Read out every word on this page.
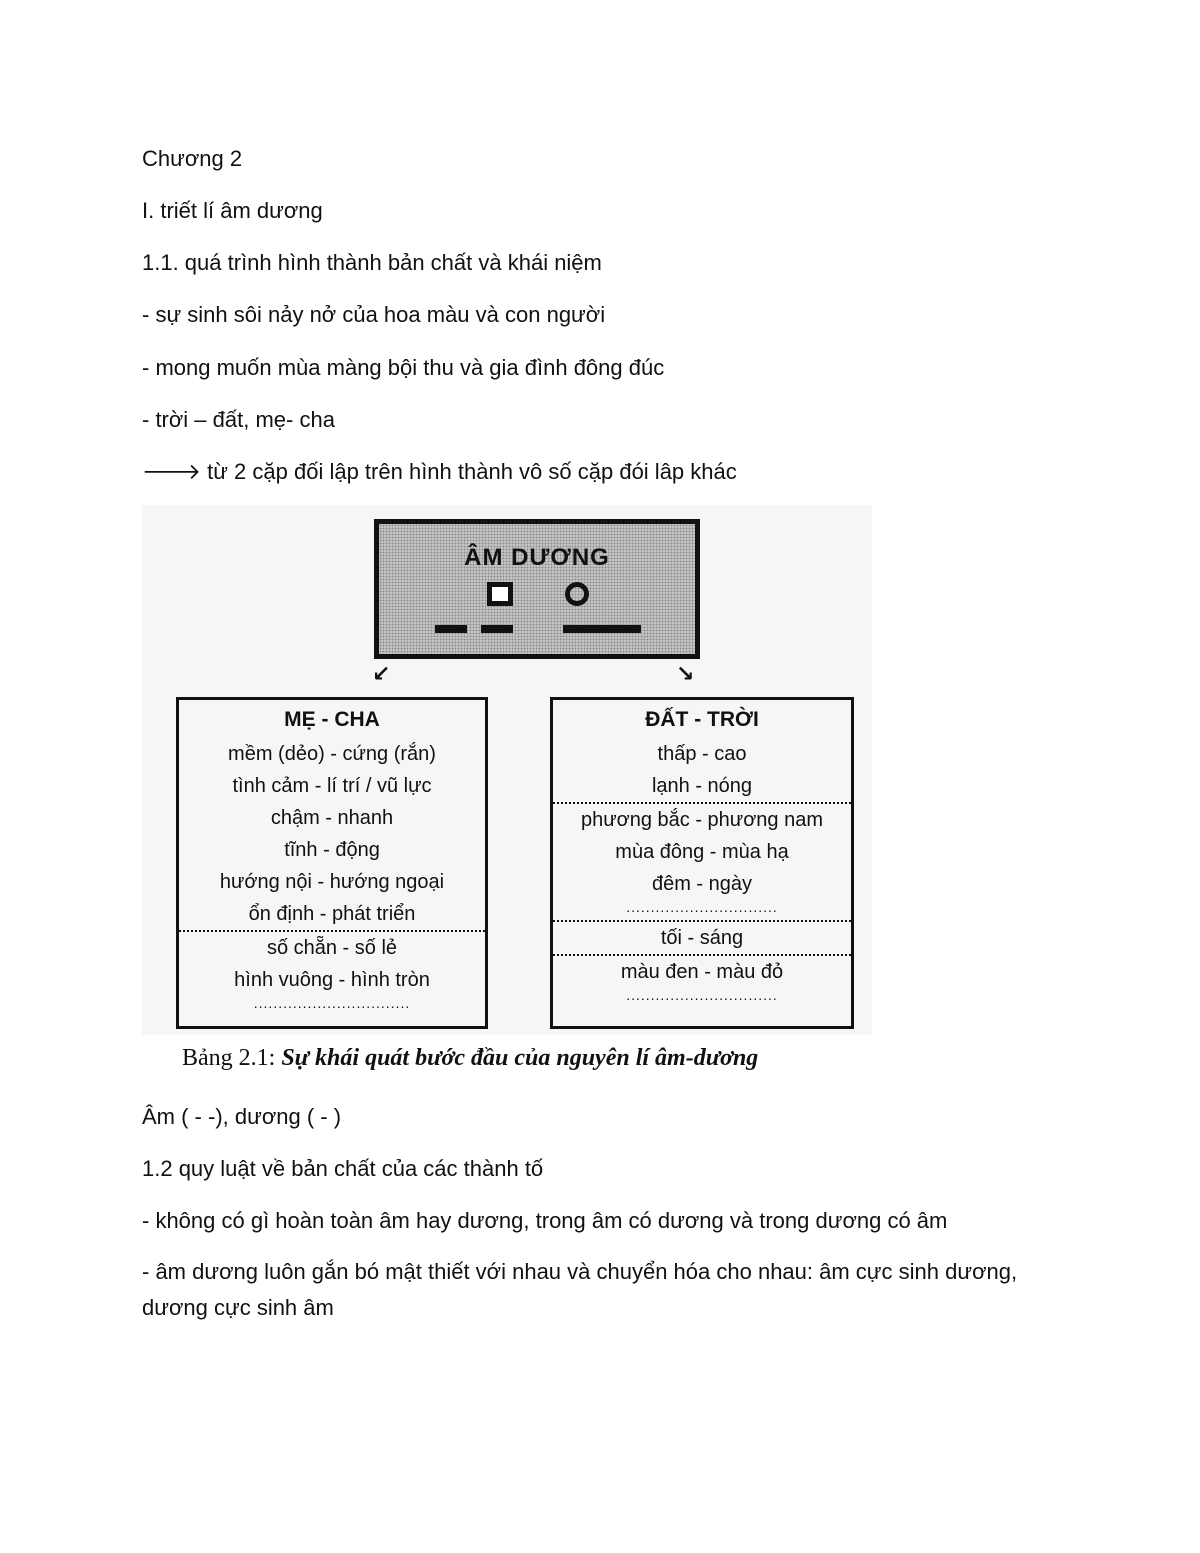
Chương 2
I. triết lí âm dương
1.1. quá trình hình thành bản chất và khái niệm
- sự sinh sôi nảy nở của hoa màu và con người
- mong muốn mùa màng bội thu và gia đình đông đúc
- trời – đất, mẹ- cha
🡒 từ 2 cặp đối lập trên hình thành vô số cặp đói lâp khác
ÂM DƯƠNG
↙	↘
MẸ - CHA
mềm (dẻo) - cứng (rắn)
tình cảm - lí trí / vũ lực
chậm - nhanh
tĩnh - động
hướng nội - hướng ngoại
ổn định - phát triển
số chẵn - số lẻ
hình vuông - hình tròn
................................
ĐẤT - TRỜI
thấp - cao
lạnh - nóng
phương bắc - phương nam
mùa đông - mùa hạ
đêm - ngày
...............................
tối - sáng
màu đen - màu đỏ
...............................
Bảng 2.1: Sự khái quát bước đầu của nguyên lí âm-dương
Âm ( - -), dương ( - )
1.2 quy luật về bản chất của các thành tố
- không có gì hoàn toàn âm hay dương, trong âm có dương và trong dương có âm
- âm dương luôn gắn bó mật thiết với nhau và chuyển hóa cho nhau: âm cực sinh dương, dương cực sinh âm
